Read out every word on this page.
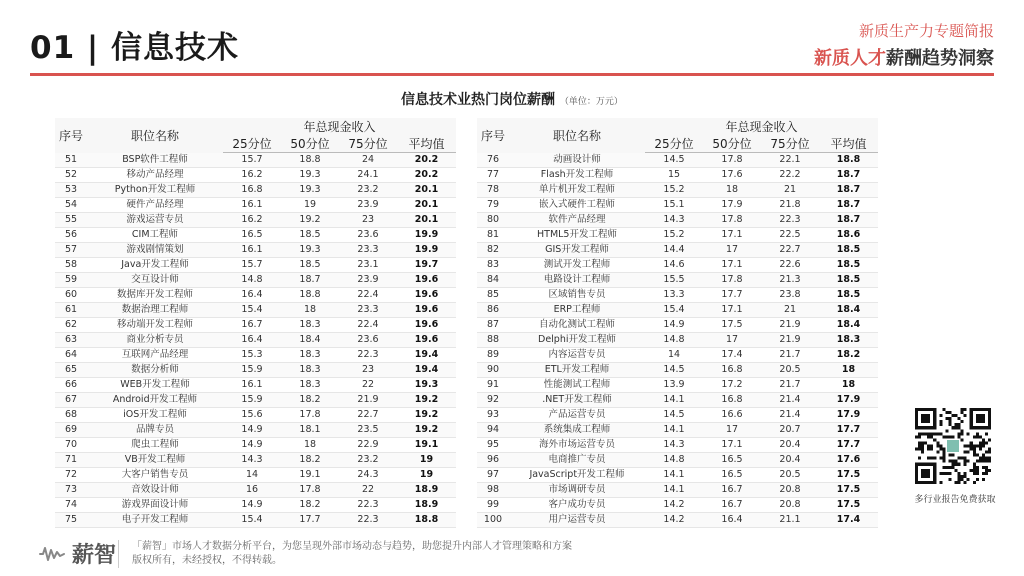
01 | 信息技术	新质生产力专题简报
新质人才薪酬趋势洞察
信息技术业热门岗位薪酬 （单位：万元）
序号	职位名称	年总现金收入			
		25分位	50分位	75分位	平均值
51	BSP软件工程师	15.7	18.8	24	20.2
52	移动产品经理	16.2	19.3	24.1	20.2
53	Python开发工程师	16.8	19.3	23.2	20.1
54	硬件产品经理	16.1	19	23.9	20.1
55	游戏运营专员	16.2	19.2	23	20.1
56	CIM工程师	16.5	18.5	23.6	19.9
57	游戏剧情策划	16.1	19.3	23.3	19.9
58	Java开发工程师	15.7	18.5	23.1	19.7
59	交互设计师	14.8	18.7	23.9	19.6
60	数据库开发工程师	16.4	18.8	22.4	19.6
61	数据治理工程师	15.4	18	23.3	19.6
62	移动端开发工程师	16.7	18.3	22.4	19.6
63	商业分析专员	16.4	18.4	23.6	19.6
64	互联网产品经理	15.3	18.3	22.3	19.4
65	数据分析师	15.9	18.3	23	19.4
66	WEB开发工程师	16.1	18.3	22	19.3
67	Android开发工程师	15.9	18.2	21.9	19.2
68	iOS开发工程师	15.6	17.8	22.7	19.2
69	品牌专员	14.9	18.1	23.5	19.2
70	爬虫工程师	14.9	18	22.9	19.1
71	VB开发工程师	14.3	18.2	23.2	19
72	大客户销售专员	14	19.1	24.3	19
73	音效设计师	16	17.8	22	18.9
74	游戏界面设计师	14.9	18.2	22.3	18.9
75	电子开发工程师	15.4	17.7	22.3	18.8
序号	职位名称	年总现金收入			
		25分位	50分位	75分位	平均值
76	动画设计师	14.5	17.8	22.1	18.8
77	Flash开发工程师	15	17.6	22.2	18.7
78	单片机开发工程师	15.2	18	21	18.7
79	嵌入式硬件工程师	15.1	17.9	21.8	18.7
80	软件产品经理	14.3	17.8	22.3	18.7
81	HTML5开发工程师	15.2	17.1	22.5	18.6
82	GIS开发工程师	14.4	17	22.7	18.5
83	测试开发工程师	14.6	17.1	22.6	18.5
84	电路设计工程师	15.5	17.8	21.3	18.5
85	区域销售专员	13.3	17.7	23.8	18.5
86	ERP工程师	15.4	17.1	21	18.4
87	自动化测试工程师	14.9	17.5	21.9	18.4
88	Delphi开发工程师	14.8	17	21.9	18.3
89	内容运营专员	14	17.4	21.7	18.2
90	ETL开发工程师	14.5	16.8	20.5	18
91	性能测试工程师	13.9	17.2	21.7	18
92	.NET开发工程师	14.1	16.8	21.4	17.9
93	产品运营专员	14.5	16.6	21.4	17.9
94	系统集成工程师	14.1	17	20.7	17.7
95	海外市场运营专员	14.3	17.1	20.4	17.7
96	电商推广专员	14.8	16.5	20.4	17.6
97	JavaScript开发工程师	14.1	16.5	20.5	17.5
98	市场调研专员	14.1	16.7	20.8	17.5
99	客户成功专员	14.2	16.7	20.8	17.5
100	用户运营专员	14.2	16.4	21.1	17.4
多行业报告免费获取
薪智 「薪智」市场人才数据分析平台，为您呈现外部市场动态与趋势，助您提升内部人才管理策略和方案
版权所有，未经授权，不得转载。
